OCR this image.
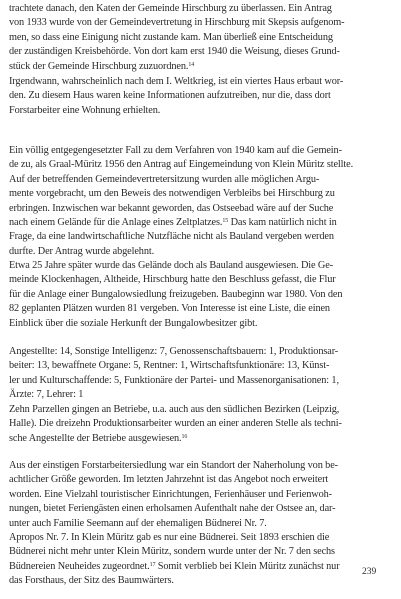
trachtete danach, den Katen der Gemeinde Hirschburg zu überlassen. Ein Antrag
von 1933 wurde von der Gemeindevertretung in Hirschburg mit Skepsis aufgenom-
men, so dass eine Einigung nicht zustande kam. Man überließ eine Entscheidung
der zuständigen Kreisbehörde. Von dort kam erst 1940 die Weisung, dieses Grund-
stück der Gemeinde Hirschburg zuzuordnen.$^{14}$
Irgendwann, wahrscheinlich nach dem I. Weltkrieg, ist ein viertes Haus erbaut wor-
den. Zu diesem Haus waren keine Informationen aufzutreiben, nur die, dass dort
Forstarbeiter eine Wohnung erhielten.
Ein völlig entgegengesetzter Fall zu dem Verfahren von 1940 kam auf die Gemein-
de zu, als Graal-Müritz 1956 den Antrag auf Eingemeindung von Klein Müritz stellte.
Auf der betreffenden Gemeindevertretersitzung wurden alle möglichen Argu-
mente vorgebracht, um den Beweis des notwendigen Verbleibs bei Hirschburg zu
erbringen. Inzwischen war bekannt geworden, das Ostseebad wäre auf der Suche
nach einem Gelände für die Anlage eines Zeltplatzes.$^{15}$ Das kam natürlich nicht in
Frage, da eine landwirtschaftliche Nutzfläche nicht als Bauland vergeben werden
durfte. Der Antrag wurde abgelehnt.
Etwa 25 Jahre später wurde das Gelände doch als Bauland ausgewiesen. Die Ge-
meinde Klockenhagen, Altheide, Hirschburg hatte den Beschluss gefasst, die Flur
für die Anlage einer Bungalowsiedlung freizugeben. Baubeginn war 1980. Von den
82 geplanten Plätzen wurden 81 vergeben. Von Interesse ist eine Liste, die einen
Einblick über die soziale Herkunft der Bungalowbesitzer gibt.
Angestellte: 14, Sonstige Intelligenz: 7, Genossenschaftsbauern: 1, Produktionsar-
beiter: 13, bewaffnete Organe: 5, Rentner: 1, Wirtschaftsfunktionäre: 13, Künst-
ler und Kulturschaffende: 5, Funktionäre der Partei- und Massenorganisationen: 1,
Ärzte: 7, Lehrer: 1
Zehn Parzellen gingen an Betriebe, u.a. auch aus den südlichen Bezirken (Leipzig,
Halle). Die dreizehn Produktionsarbeiter wurden an einer anderen Stelle als techni-
sche Angestellte der Betriebe ausgewiesen.$^{16}$
Aus der einstigen Forstarbeitersiedlung war ein Standort der Naherholung von be-
achtlicher Größe geworden. Im letzten Jahrzehnt ist das Angebot noch erweitert
worden. Eine Vielzahl touristischer Einrichtungen, Ferienhäuser und Ferienwoh-
nungen, bietet Feriengästen einen erholsamen Aufenthalt nahe der Ostsee an, dar-
unter auch Familie Seemann auf der ehemaligen Büdnerei Nr. 7.
Apropos Nr. 7. In Klein Müritz gab es nur eine Büdnerei. Seit 1893 erschien die
Büdnerei nicht mehr unter Klein Müritz, sondern wurde unter der Nr. 7 den sechs
Büdnereien Neuheides zugeordnet.$^{17}$ Somit verblieb bei Klein Müritz zunächst nur
das Forsthaus, der Sitz des Baumwärters.
239
